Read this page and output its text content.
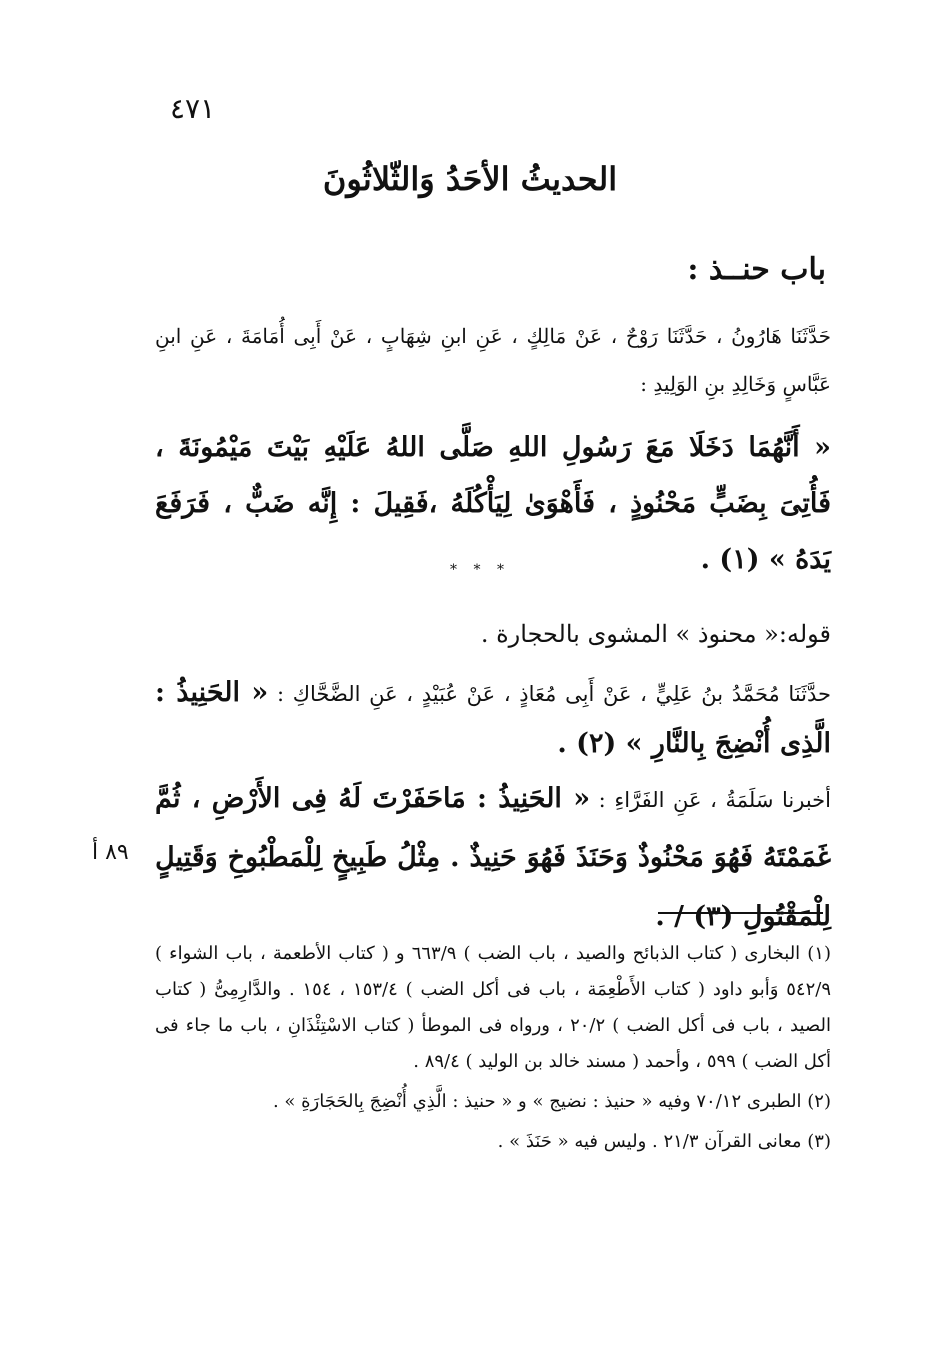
٤٧١
الحديثُ الأحَدُ وَالثّلاثُونَ
باب حنــذ :
حَدَّثَنَا هَارُونُ ، حَدَّثَنَا رَوْحٌ ، عَنْ مَالِكٍ ، عَنِ ابنِ شِهَابٍ ، عَنْ أَبِى أُمَامَةَ ، عَنِ ابنِ عَبَّاسٍ وَخَالِدِ بنِ الوَلِيدِ :
« أَنَّهُمَا دَخَلَا مَعَ رَسُولِ اللهِ صَلَّى اللهُ عَلَيْهِ بَيْتَ مَيْمُونَةَ ، فَأُتِىَ بِضَبٍّ مَحْنُوذٍ ، فَأَهْوَىٰ لِيَأْكُلَهُ ،فَقِيلَ : إِنَّه ضَبٌّ ، فَرَفَعَ يَدَهُ » (١) .
* * *
قوله:« محنوذ » المشوى بالحجارة .
حدَّثَنَا مُحَمَّدُ بنُ عَلِيٍّ ، عَنْ أَبِى مُعَاذٍ ، عَنْ عُبَيْدٍ ، عَنِ الضَّحَّاكِ : « الحَنِيذُ : الَّذِى أُنْضِجَ بِالنَّارِ » (٢) .
أخبرنا سَلَمَةُ ، عَنِ الفَرَّاءِ : « الحَنِيذُ : مَاحَفَرْتَ لَهُ فِى الأَرْضِ ، ثُمَّ غَمَمْتَهُ فَهُوَ مَحْنُوذٌ وَحَنَذَ فَهُوَ حَنِيذٌ . مِثْلُ طَبِيخٍ لِلْمَطْبُوخِ وَقَتِيلٍ لِلْمَقْتُولِ (٣) / .
٨٩ أ

(١) البخارى ( كتاب الذبائح والصيد ، باب الضب ) ٦٦٣/٩ و ( كتاب الأطعمة ، باب الشواء ) ٥٤٢/٩ وَأبو داود ( كتاب الأَطْعِمَة ، باب فى أكل الضب ) ١٥٣/٤ ، ١٥٤ . والدَّارِمِىُّ ( كتاب الصيد ، باب فى أكل الضب ) ٢٠/٢ ، ورواه فى الموطأ ( كتاب الاسْتِئْذَانِ ، باب ما جاء فى أكل الضب ) ٥٩٩ ، وأحمد ( مسند خالد بن الوليد ) ٨٩/٤ .

(٢) الطبرى ٧٠/١٢ وفيه « حنيذ : نضيج » و « حنيذ : الَّذِي أُنْضِجَ بِالحَجَارَةِ » .

(٣) معانى القرآن ٢١/٣ . وليس فيه « حَنَذَ » .
